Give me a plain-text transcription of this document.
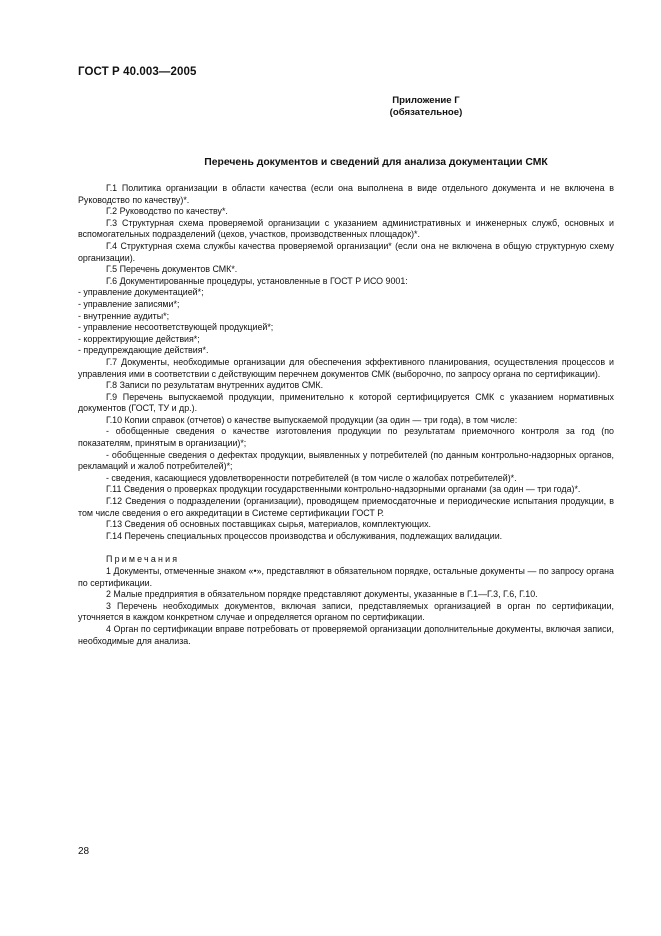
ГОСТ Р 40.003—2005
Приложение Г
(обязательное)
Перечень документов и сведений для анализа документации СМК

Г.1 Политика организации в области качества (если она выполнена в виде отдельного документа и не включена в Руководство по качеству)*.

Г.2 Руководство по качеству*.

Г.3 Структурная схема проверяемой организации с указанием административных и инженерных служб, основных и вспомогательных подразделений (цехов, участков, производственных площадок)*.

Г.4 Структурная схема службы качества проверяемой организации* (если она не включена в общую структурную схему организации).

Г.5 Перечень документов СМК*.

Г.6 Документированные процедуры, установленные в ГОСТ Р ИСО 9001:

- управление документацией*;

- управление записями*;

- внутренние аудиты*;

- управление несоответствующей продукцией*;

- корректирующие действия*;

- предупреждающие действия*.

Г.7 Документы, необходимые организации для обеспечения эффективного планирования, осуществления процессов и управления ими в соответствии с действующим перечнем документов СМК (выборочно, по запросу органа по сертификации).

Г.8 Записи по результатам внутренних аудитов СМК.

Г.9 Перечень выпускаемой продукции, применительно к которой сертифицируется СМК с указанием нормативных документов (ГОСТ, ТУ и др.).

Г.10 Копии справок (отчетов) о качестве выпускаемой продукции (за один — три года), в том числе:

- обобщенные сведения о качестве изготовления продукции по результатам приемочного контроля за год (по показателям, принятым в организации)*;

- обобщенные сведения о дефектах продукции, выявленных у потребителей (по данным контрольно-надзорных органов, рекламаций и жалоб потребителей)*;

- сведения, касающиеся удовлетворенности потребителей (в том числе о жалобах потребителей)*.

Г.11 Сведения о проверках продукции государственными контрольно-надзорными органами (за один — три года)*.

Г.12 Сведения о подразделении (организации), проводящем приемосдаточные и периодические испытания продукции, в том числе сведения о его аккредитации в Системе сертификации ГОСТ Р.

Г.13 Сведения об основных поставщиках сырья, материалов, комплектующих.

Г.14 Перечень специальных процессов производства и обслуживания, подлежащих валидации.

Примечания

1 Документы, отмеченные знаком «•», представляют в обязательном порядке, остальные документы — по запросу органа по сертификации.

2 Малые предприятия в обязательном порядке представляют документы, указанные в Г.1—Г.3, Г.6, Г.10.

3 Перечень необходимых документов, включая записи, представляемых организацией в орган по сертификации, уточняется в каждом конкретном случае и определяется органом по сертификации.

4 Орган по сертификации вправе потребовать от проверяемой организации дополнительные документы, включая записи, необходимые для анализа.

28
